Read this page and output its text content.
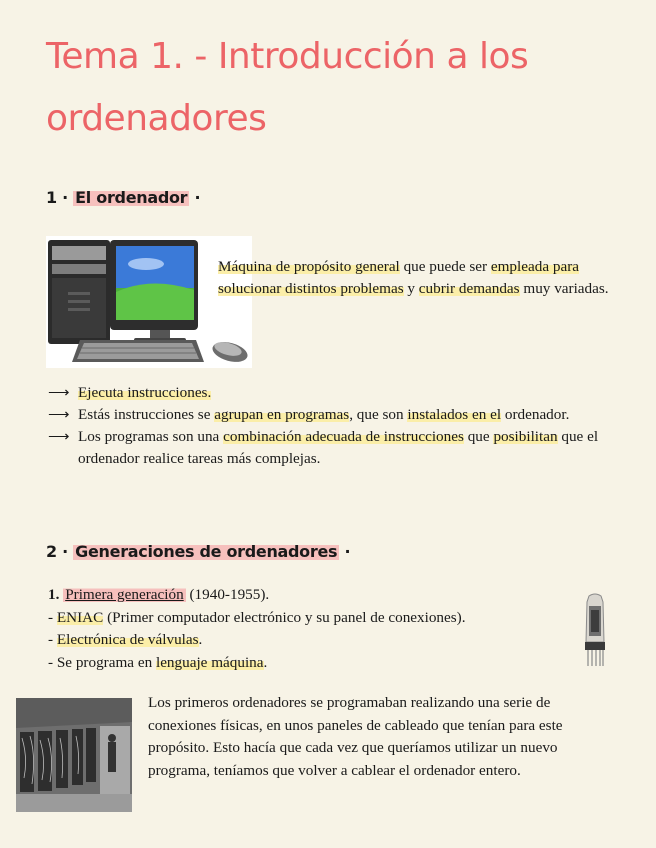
Tema 1. - Introducción a los ordenadores
1 · El ordenador ·
Máquina de propósito general que puede ser empleada para solucionar distintos problemas y cubrir demandas muy variadas.
⟶ Ejecuta instrucciones.
⟶ Estás instrucciones se agrupan en programas, que son instalados en el ordenador.
⟶ Los programas son una combinación adecuada de instrucciones que posibilitan que el ordenador realice tareas más complejas.
2 · Generaciones de ordenadores ·
1. Primera generación (1940-1955).
- ENIAC (Primer computador electrónico y su panel de conexiones).
- Electrónica de válvulas.
- Se programa en lenguaje máquina.
Los primeros ordenadores se programaban realizando una serie de conexiones físicas, en unos paneles de cableado que tenían para este propósito. Esto hacía que cada vez que queríamos utilizar un nuevo programa, teníamos que volver a cablear el ordenador entero.
